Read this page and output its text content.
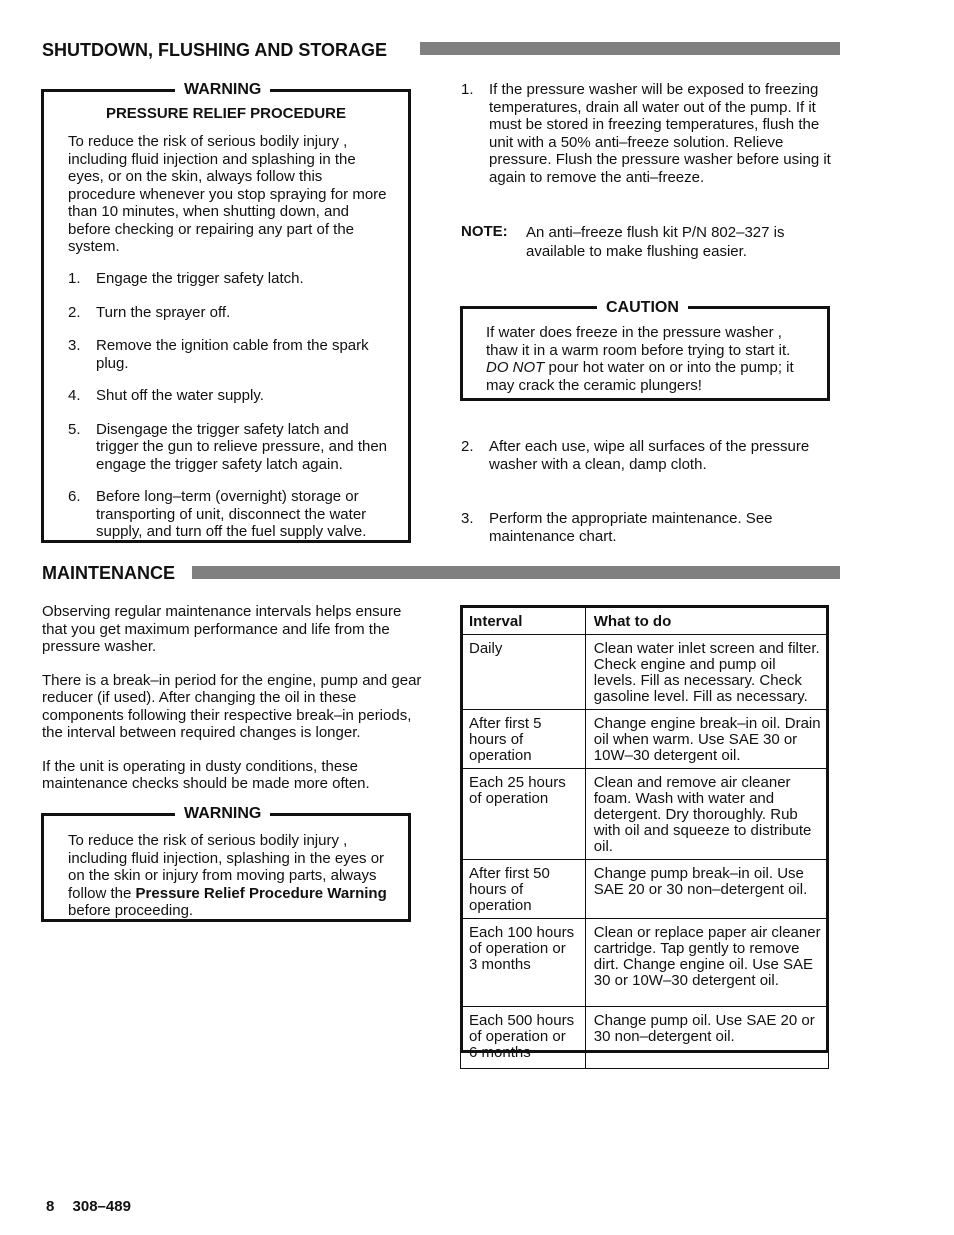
SHUTDOWN, FLUSHING AND STORAGE
PRESSURE RELIEF PROCEDURE

To reduce the risk of serious bodily injury , including fluid injection and splashing in the eyes, or on the skin, always follow this procedure whenever you stop spraying for more than 10 minutes, when shutting down, and before checking or repairing any part of the system.

1. Engage the trigger safety latch.
2. Turn the sprayer off.
3. Remove the ignition cable from the spark plug.
4. Shut off the water supply.
5. Disengage the trigger safety latch and trigger the gun to relieve pressure, and then engage the trigger safety latch again.
6. Before long–term (overnight) storage or transporting of unit, disconnect the water supply, and turn off the fuel supply valve.
WARNING	1. If the pressure washer will be exposed to freezing temperatures, drain all water out of the pump. If it must be stored in freezing temperatures, flush the unit with a 50% anti–freeze solution. Relieve pressure. Flush the pressure washer before using it again to remove the anti–freeze.
NOTE: An anti–freeze flush kit P/N 802–327 is available to make flushing easier.

If water does freeze in the pressure washer , thaw it in a warm room before trying to start it. DO NOT pour hot water on or into the pump; it may crack the ceramic plungers!

CAUTION
2. After each use, wipe all surfaces of the pressure washer with a clean, damp cloth.
3. Perform the appropriate maintenance. See maintenance chart.
MAINTENANCE

Observing regular maintenance intervals helps ensure that you get maximum performance and life from the pressure washer.

There is a break–in period for the engine, pump and gear reducer (if used). After changing the oil in these components following their respective break–in periods, the interval between required changes is longer.

If the unit is operating in dusty conditions, these maintenance checks should be made more often.

To reduce the risk of serious bodily injury , including fluid injection, splashing in the eyes or on the skin or injury from moving parts, always follow the Pressure Relief Procedure Warning before proceeding.

WARNING
Interval	What to do
Daily	Clean water inlet screen and filter. Check engine and pump oil levels. Fill as necessary. Check gasoline level. Fill as necessary.
After first 5 hours of operation	Change engine break–in oil. Drain oil when warm. Use SAE 30 or 10W–30 detergent oil.
Each 25 hours of operation	Clean and remove air cleaner foam. Wash with water and detergent. Dry thoroughly. Rub with oil and squeeze to distribute oil.
After first 50 hours of operation	Change pump break–in oil. Use SAE 20 or 30 non–detergent oil.
Each 100 hours of operation or 3 months	Clean or replace paper air cleaner cartridge. Tap gently to remove dirt. Change engine oil. Use SAE 30 or 10W–30 detergent oil.
Each 500 hours of operation or 6 months	Change pump oil. Use SAE 20 or 30 non–detergent oil.
8 308–489
